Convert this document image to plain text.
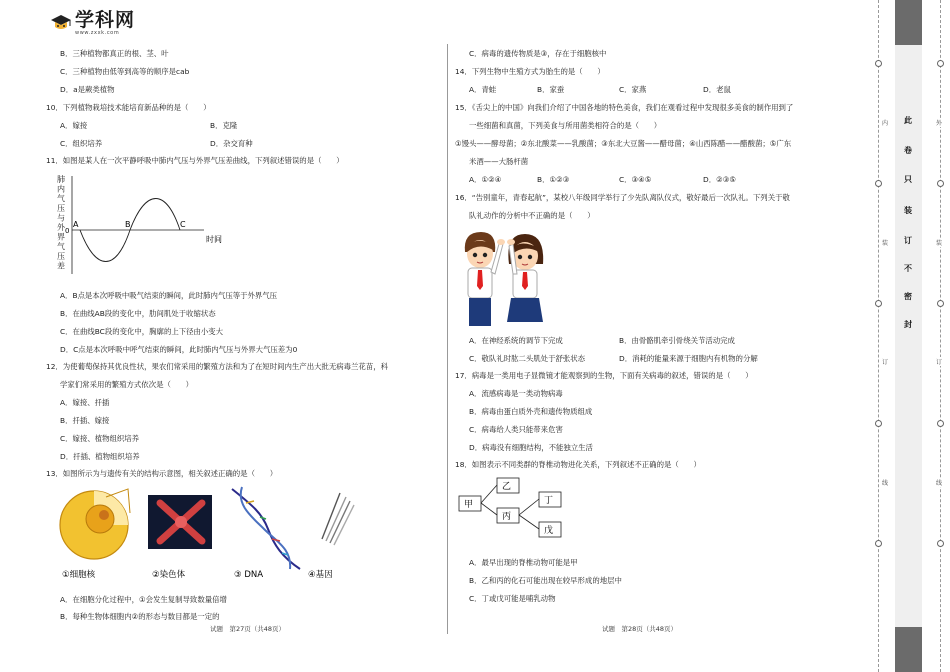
学科网
www.zxxk.com
B．三种植物都真正的根、茎、叶
C．三种植物由低等到高等的顺序是cab
D．a是蕨类植物
10．下列植物栽培技术能培育新品种的是（　　）
A．嫁接	B．克隆
C．组织培养	D．杂交育种
11．如图是某人在一次平静呼吸中肺内气压与外界气压差曲线，下列叙述错误的是（　　）
肺内气压与外界气压差
A	B	C
0
时间
A．B点是本次呼吸中吸气结束的瞬间，此时肺内气压等于外界气压
B．在曲线AB段的变化中，肋间肌处于收缩状态
C．在曲线BC段的变化中，胸廓的上下径由小变大
D．C点是本次呼吸中呼气结束的瞬间，此时肺内气压与外界大气压差为0
12．为使葡萄保持其优良性状，果农们常采用的繁殖方法和为了在短时间内生产出大批无病毒兰花苗，科
学家们常采用的繁殖方式依次是（　　）
A．嫁接、扦插
B．扦插、嫁接
C．嫁接、植物组织培养
D．扦插、植物组织培养
13．如图所示为与遗传有关的结构示意图，相关叙述正确的是（　　）
①细胞核	②染色体	③ DNA	④基因
A．在细胞分化过程中，①会发生复制导致数量倍增
B．每种生物体细胞内②的形态与数目都是一定的
C．病毒的遗传物质是③，存在于细胞核中
14．下列生物中生殖方式为胎生的是（　　）
A．青蛙	B．家蚕	C．家燕	D．老鼠
15．《舌尖上的中国》向我们介绍了中国各地的特色美食，我们在观看过程中发现很多美食的制作用到了
一些细菌和真菌，下列美食与所用菌类相符合的是（　　）
①馒头——酵母菌；②东北酸菜——乳酸菌；③东北大豆酱——醋母菌；④山西陈醋——醋酸菌；⑤广东
米酒——大肠杆菌
A．①②④	B．①②③	C．③④⑤	D．②③⑤
16．“告别童年，青春起航”，某校八年级同学举行了少先队离队仪式，敬好最后一次队礼。下列关于敬
队礼动作的分析中不正确的是（　　）
A．在神经系统的调节下完成	B．由骨骼肌牵引骨绕关节活动完成
C．敬队礼时肱二头肌处于舒张状态	D．消耗的能量来源于细胞内有机物的分解
17．病毒是一类用电子显微镜才能观察到的生物，下面有关病毒的叙述，错误的是（　　）
A．流感病毒是一类动物病毒
B．病毒由蛋白质外壳和遗传物质组成
C．病毒给人类只能带来危害
D．病毒没有细胞结构，不能独立生活
18．如图表示不同类群的脊椎动物进化关系，下列叙述不正确的是（　　）
甲
乙
丙
丁
戊
A．最早出现的脊椎动物可能是甲
B．乙和丙的化石可能出现在较早形成的地层中
C．丁或戊可能是哺乳动物
试题　第27页（共48页）	试题　第28页（共48页）
此
卷
只
装
订
不
密
封
内
装
订
线
外
装
订
线
